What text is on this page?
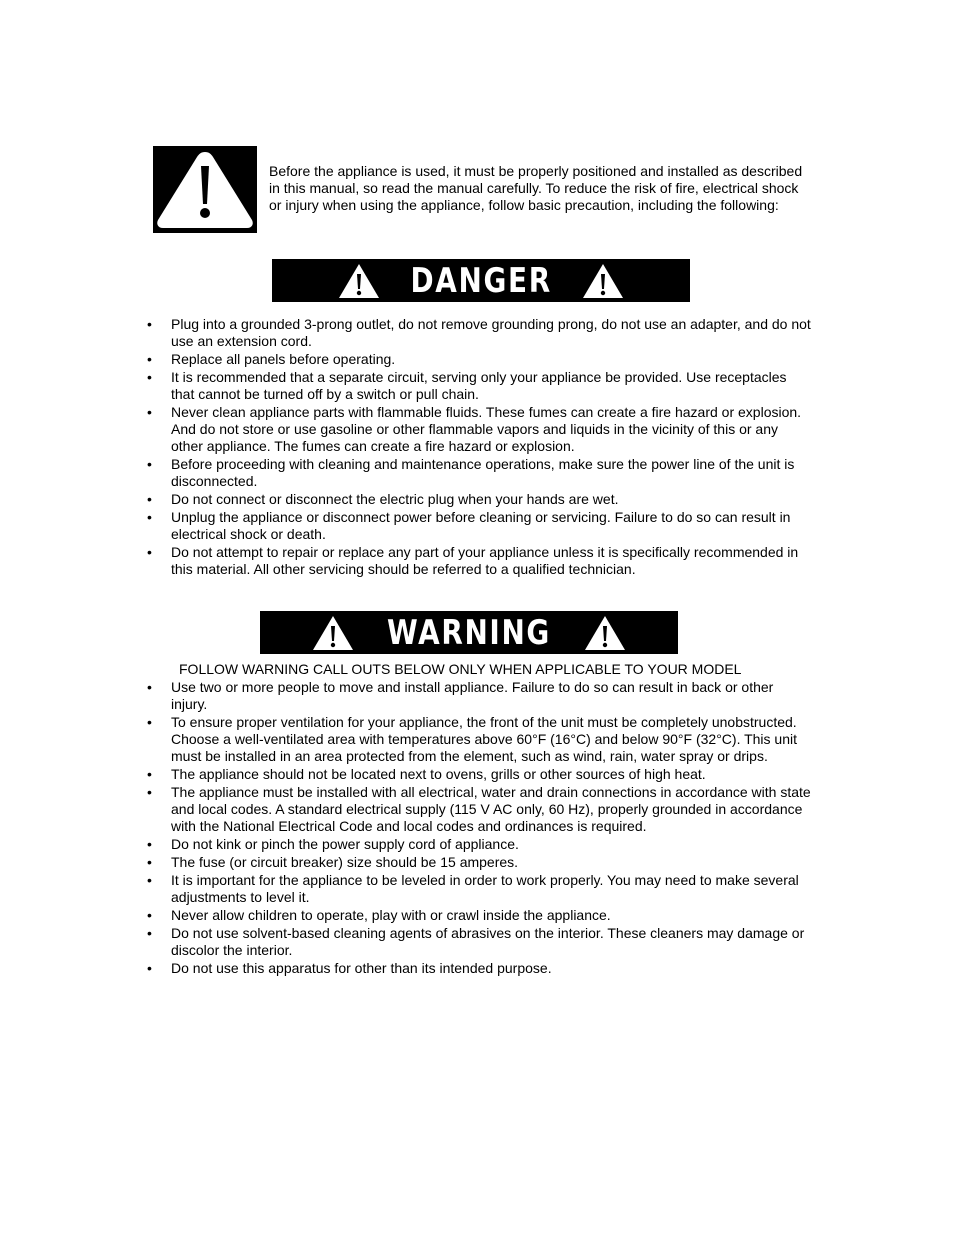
Before the appliance is used, it must be properly positioned and installed as described in this manual, so read the manual carefully. To reduce the risk of fire, electrical shock or injury when using the appliance, follow basic precaution, including the following:
DANGER
• Plug into a grounded 3-prong outlet, do not remove grounding prong, do not use an adapter, and do not use an extension cord.
• Replace all panels before operating.
• It is recommended that a separate circuit, serving only your appliance be provided. Use receptacles that cannot be turned off by a switch or pull chain.
• Never clean appliance parts with flammable fluids. These fumes can create a fire hazard or explosion. And do not store or use gasoline or other flammable vapors and liquids in the vicinity of this or any other appliance. The fumes can create a fire hazard or explosion.
• Before proceeding with cleaning and maintenance operations, make sure the power line of the unit is disconnected.
• Do not connect or disconnect the electric plug when your hands are wet.
• Unplug the appliance or disconnect power before cleaning or servicing. Failure to do so can result in electrical shock or death.
• Do not attempt to repair or replace any part of your appliance unless it is specifically recommended in this material. All other servicing should be referred to a qualified technician.
WARNING
FOLLOW WARNING CALL OUTS BELOW ONLY WHEN APPLICABLE TO YOUR MODEL
• Use two or more people to move and install appliance. Failure to do so can result in back or other injury.
• To ensure proper ventilation for your appliance, the front of the unit must be completely unobstructed. Choose a well-ventilated area with temperatures above 60°F (16°C) and below 90°F (32°C). This unit must be installed in an area protected from the element, such as wind, rain, water spray or drips.
• The appliance should not be located next to ovens, grills or other sources of high heat.
• The appliance must be installed with all electrical, water and drain connections in accordance with state and local codes. A standard electrical supply (115 V AC only, 60 Hz), properly grounded in accordance with the National Electrical Code and local codes and ordinances is required.
• Do not kink or pinch the power supply cord of appliance.
• The fuse (or circuit breaker) size should be 15 amperes.
• It is important for the appliance to be leveled in order to work properly. You may need to make several adjustments to level it.
• Never allow children to operate, play with or crawl inside the appliance.
• Do not use solvent-based cleaning agents of abrasives on the interior. These cleaners may damage or discolor the interior.
• Do not use this apparatus for other than its intended purpose.
